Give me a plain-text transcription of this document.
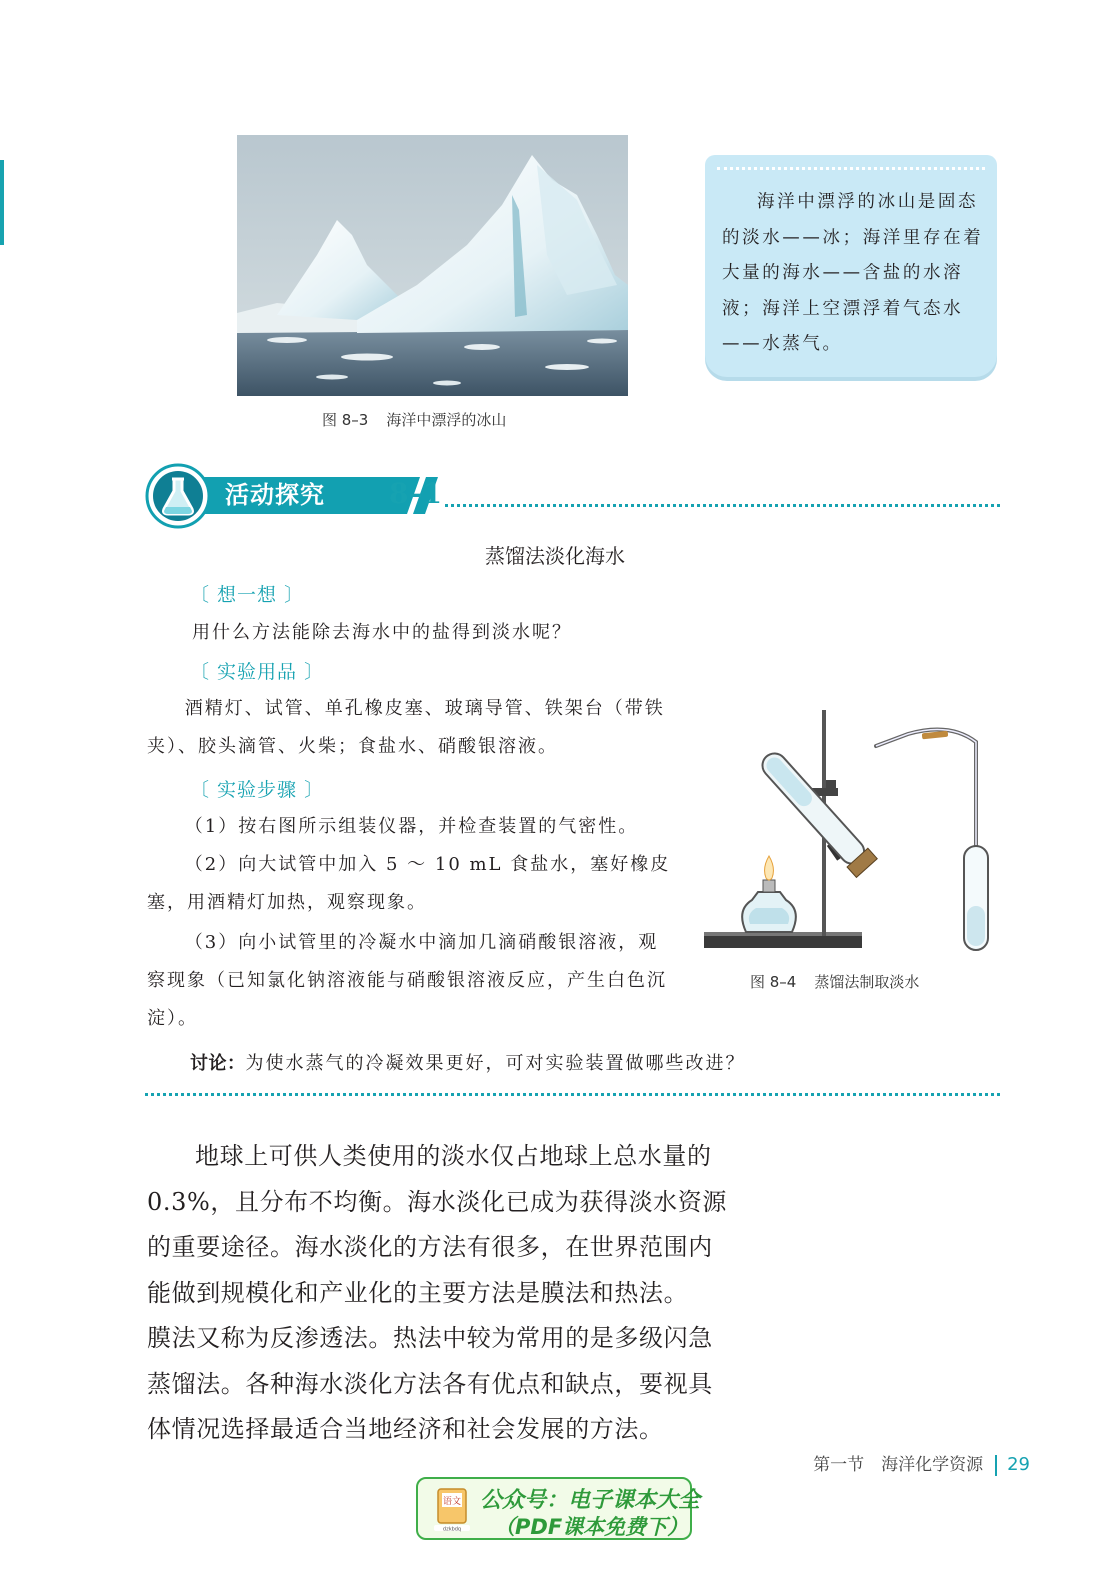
图 8–3 海洋中漂浮的冰山
海洋中漂浮的冰山是固态的淡水——冰；海洋里存在着大量的海水——含盐的水溶液；海洋上空漂浮着气态水——水蒸气。
活动探究 8–1
蒸馏法淡化海水
〔 想一想 〕
用什么方法能除去海水中的盐得到淡水呢？
〔 实验用品 〕
酒精灯、试管、单孔橡皮塞、玻璃导管、铁架台（带铁夹）、胶头滴管、火柴；食盐水、硝酸银溶液。
〔 实验步骤 〕
（1）按右图所示组装仪器，并检查装置的气密性。
（2）向大试管中加入 5 ～ 10 mL 食盐水，塞好橡皮塞，用酒精灯加热，观察现象。
（3）向小试管里的冷凝水中滴加几滴硝酸银溶液，观察现象（已知氯化钠溶液能与硝酸银溶液反应，产生白色沉淀）。
图 8–4 蒸馏法制取淡水
讨论：为使水蒸气的冷凝效果更好，可对实验装置做哪些改进？
地球上可供人类使用的淡水仅占地球上总水量的
0.3%，且分布不均衡。海水淡化已成为获得淡水资源
的重要途径。海水淡化的方法有很多，在世界范围内
能做到规模化和产业化的主要方法是膜法和热法。
膜法又称为反渗透法。热法中较为常用的是多级闪急
蒸馏法。各种海水淡化方法各有优点和缺点，要视具
体情况选择最适合当地经济和社会发展的方法。
第一节　海洋化学资源 29
语文
dzkbdq
公众号：电子课本大全
（PDF课本免费下）
